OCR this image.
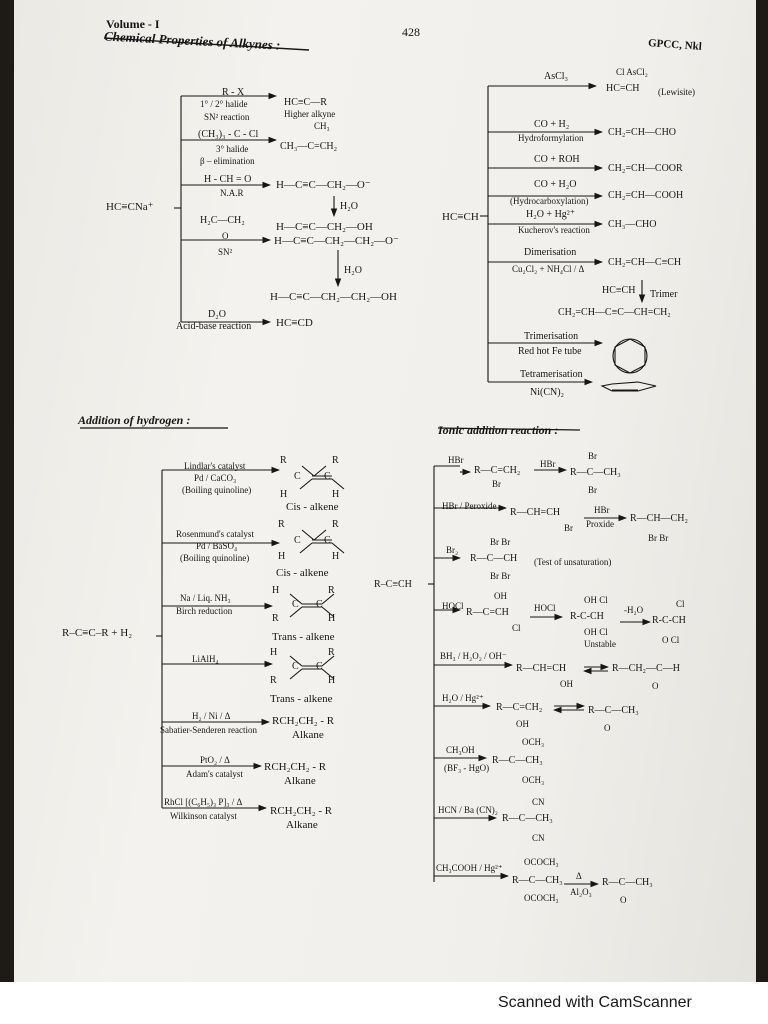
Volume - I
428
GPCC, Nkl
Chemical Properties of Alkynes :
HC≡CNa⁺
R - X
1° / 2° halide
SN² reaction
HC≡C—R
Higher alkyne
(CH₃)₃ - C - Cl
3° halide
β – elimination
CH₃
CH₃—C=CH₂
H - CH = O
N.A.R
H—C≡C—CH₂—O⁻
H₂O
H—C≡C—CH₂—OH
H₂C—CH₂
O
SN²
H—C≡C—CH₂—CH₂—O⁻
H₂O
H—C≡C—CH₂—CH₂—OH
D₂O
Acid-base reaction HC≡CD
HC≡CH
AsCl₃	Cl AsCl₂
HC=CH (Lewisite)
CO + H₂
Hydroformylation CH₂=CH—CHO
CO + ROH
CH₂=CH—COOR
CO + H₂O
(Hydrocarboxylation) CH₂=CH—COOH
H₂O + Hg²⁺
Kucherov's reaction CH₃—CHO
Dimerisation
Cu₂Cl₂ + NH₄Cl / Δ
CH₂=CH—C≡CH
HC≡CH Trimer
CH₂=CH—C≡C—CH=CH₂
Trimerisation
Red hot Fe tube
Tetramerisation
Ni(CN)₂
Addition of hydrogen :
R–C≡C–R + H₂
Lindlar's catalyst
Pd / CaCO₃
(Boiling quinoline)
R	R
C C
H	H
Cis - alkene
Rosenmund's catalyst
Pd / BaSO₄
(Boiling quinoline)
R	R
C C
H	H
Cis - alkene
Na / Liq. NH₃
Birch reduction
H	R
C C
R	H
Trans - alkene
LiAlH₄
H	R
C C
R	H
Trans - alkene
H₂ / Ni / Δ
Sabatier-Senderen reaction
RCH₂CH₂ - R
Alkane
PtO₂ / Δ
Adam's catalyst
RCH₂CH₂ - R
Alkane
RhCl [(C₆H₅)₃ P]₃ / Δ
Wilkinson catalyst	RCH₂CH₂ - R
Alkane
Ionic addition reaction :
R–C≡CH
HBr
R—C=CH₂
Br
HBr
Br
R—C—CH₃
Br
HBr / Peroxide
R—CH=CH
Br
HBr
Proxide R—CH—CH₂
Br Br
Br₂
Br Br
R—C—CH
Br Br
(Test of unsaturation)
HOCl
OH
R—C=CH
Cl
HOCl
OH Cl
R-C-CH
OH Cl
Unstable
-H₂O
Cl
R-C-CH
O Cl
BH₃ / H₂O₂ / OH⁻
R—CH=CH
OH
R—CH₂—C—H
O
H₂O / Hg²⁺
R—C=CH₂
OH
R—C—CH₃
O
CH₃OH
(BF₃ - HgO)
OCH₃
R—C—CH₃
OCH₃
HCN / Ba (CN)₂
CN
R—C—CH₃
CN
CH₃COOH / Hg²⁺
OCOCH₃
R—C—CH₃
OCOCH₃
Δ
Al₂O₃
R—C—CH₃
O
Scanned with CamScanner
